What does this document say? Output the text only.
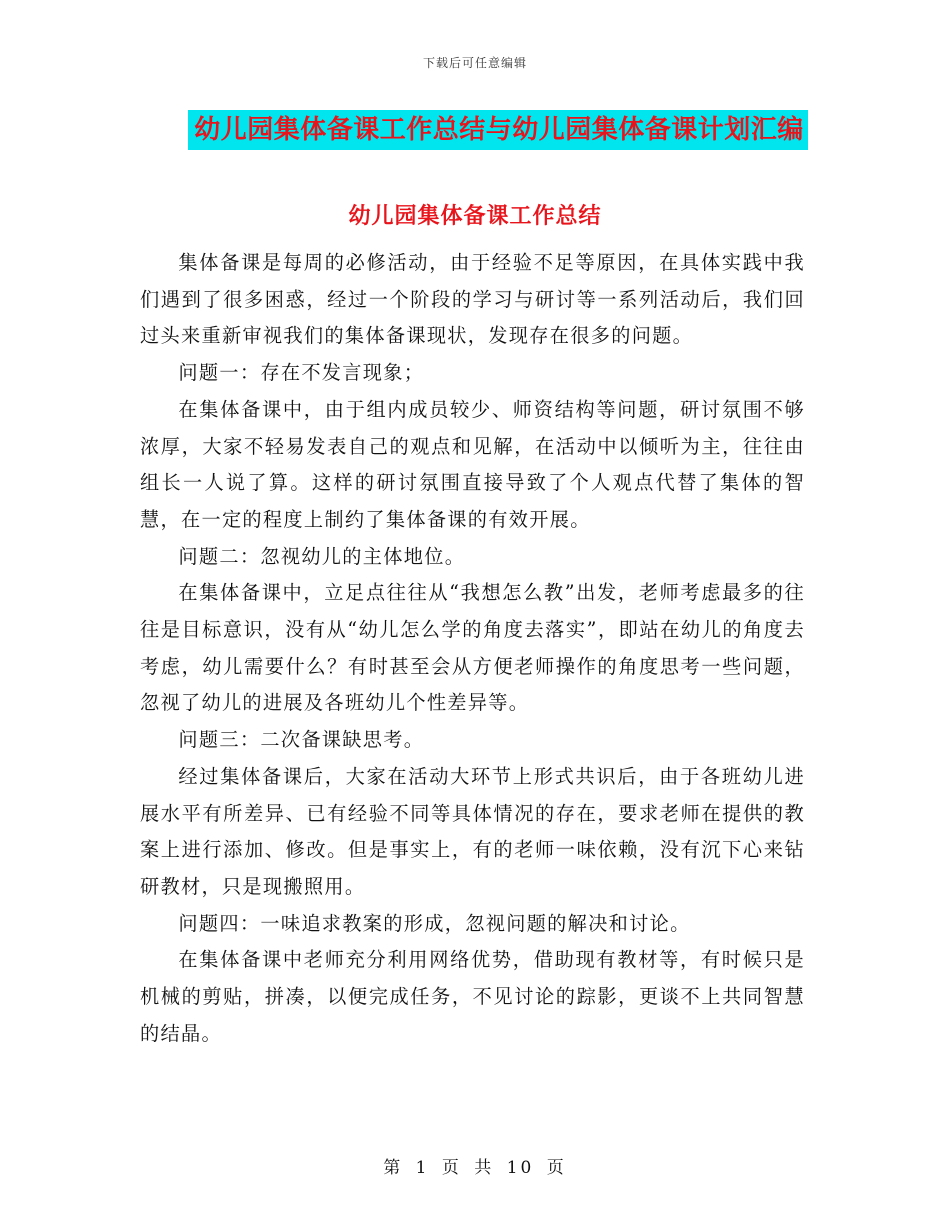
下载后可任意编辑
幼儿园集体备课工作总结与幼儿园集体备课计划汇编
幼儿园集体备课工作总结

集体备课是每周的必修活动，由于经验不足等原因，在具体实践中我们遇到了很多困惑，经过一个阶段的学习与研讨等一系列活动后，我们回过头来重新审视我们的集体备课现状，发现存在很多的问题。

问题一：存在不发言现象；

在集体备课中，由于组内成员较少、师资结构等问题，研讨氛围不够浓厚，大家不轻易发表自己的观点和见解，在活动中以倾听为主，往往由组长一人说了算。这样的研讨氛围直接导致了个人观点代替了集体的智慧，在一定的程度上制约了集体备课的有效开展。

问题二：忽视幼儿的主体地位。

在集体备课中，立足点往往从“我想怎么教”出发，老师考虑最多的往往是目标意识，没有从“幼儿怎么学的角度去落实”，即站在幼儿的角度去考虑，幼儿需要什么？有时甚至会从方便老师操作的角度思考一些问题，忽视了幼儿的进展及各班幼儿个性差异等。

问题三：二次备课缺思考。

经过集体备课后，大家在活动大环节上形式共识后，由于各班幼儿进展水平有所差异、已有经验不同等具体情况的存在，要求老师在提供的教案上进行添加、修改。但是事实上，有的老师一味依赖，没有沉下心来钻研教材，只是现搬照用。

问题四：一味追求教案的形成，忽视问题的解决和讨论。

在集体备课中老师充分利用网络优势，借助现有教材等，有时候只是机械的剪贴，拼凑，以便完成任务，不见讨论的踪影，更谈不上共同智慧的结晶。

第 1 页 共 10 页
